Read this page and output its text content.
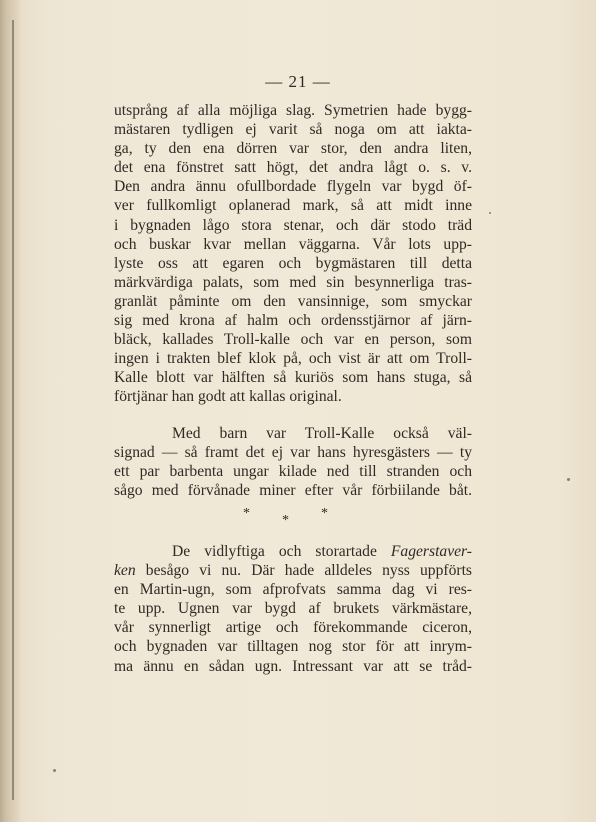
— 21 —
utsprång af alla möjliga slag. Symetrien hade bygg-
mästaren tydligen ej varit så noga om att iakta-
ga, ty den ena dörren var stor, den andra liten,
det ena fönstret satt högt, det andra lågt o. s. v.
Den andra ännu ofullbordade flygeln var bygd öf-
ver fullkomligt oplanerad mark, så att midt inne
i bygnaden lågo stora stenar, och där stodo träd
och buskar kvar mellan väggarna. Vår lots upp-
lyste oss att egaren och bygmästaren till detta
märkvärdiga palats, som med sin besynnerliga tras-
granlät påminte om den vansinnige, som smyckar
sig med krona af halm och ordensstjärnor af järn-
bläck, kallades Troll-kalle och var en person, som
ingen i trakten blef klok på, och vist är att om Troll-
Kalle blott var hälften så kuriös som hans stuga, så
förtjänar han godt att kallas original.
Med barn var Troll-Kalle också väl-
signad — så framt det ej var hans hyresgästers — ty
ett par barbenta ungar kilade ned till stranden och
sågo med förvånade miner efter vår förbiilande båt.
* * *
De vidlyftiga och storartade Fagerstaver-
ken besågo vi nu. Där hade alldeles nyss uppförts
en Martin-ugn, som afprofvats samma dag vi res-
te upp. Ugnen var bygd af brukets värkmästare,
vår synnerligt artige och förekommande ciceron,
och bygnaden var tilltagen nog stor för att inrym-
ma ännu en sådan ugn. Intressant var att se tråd-
